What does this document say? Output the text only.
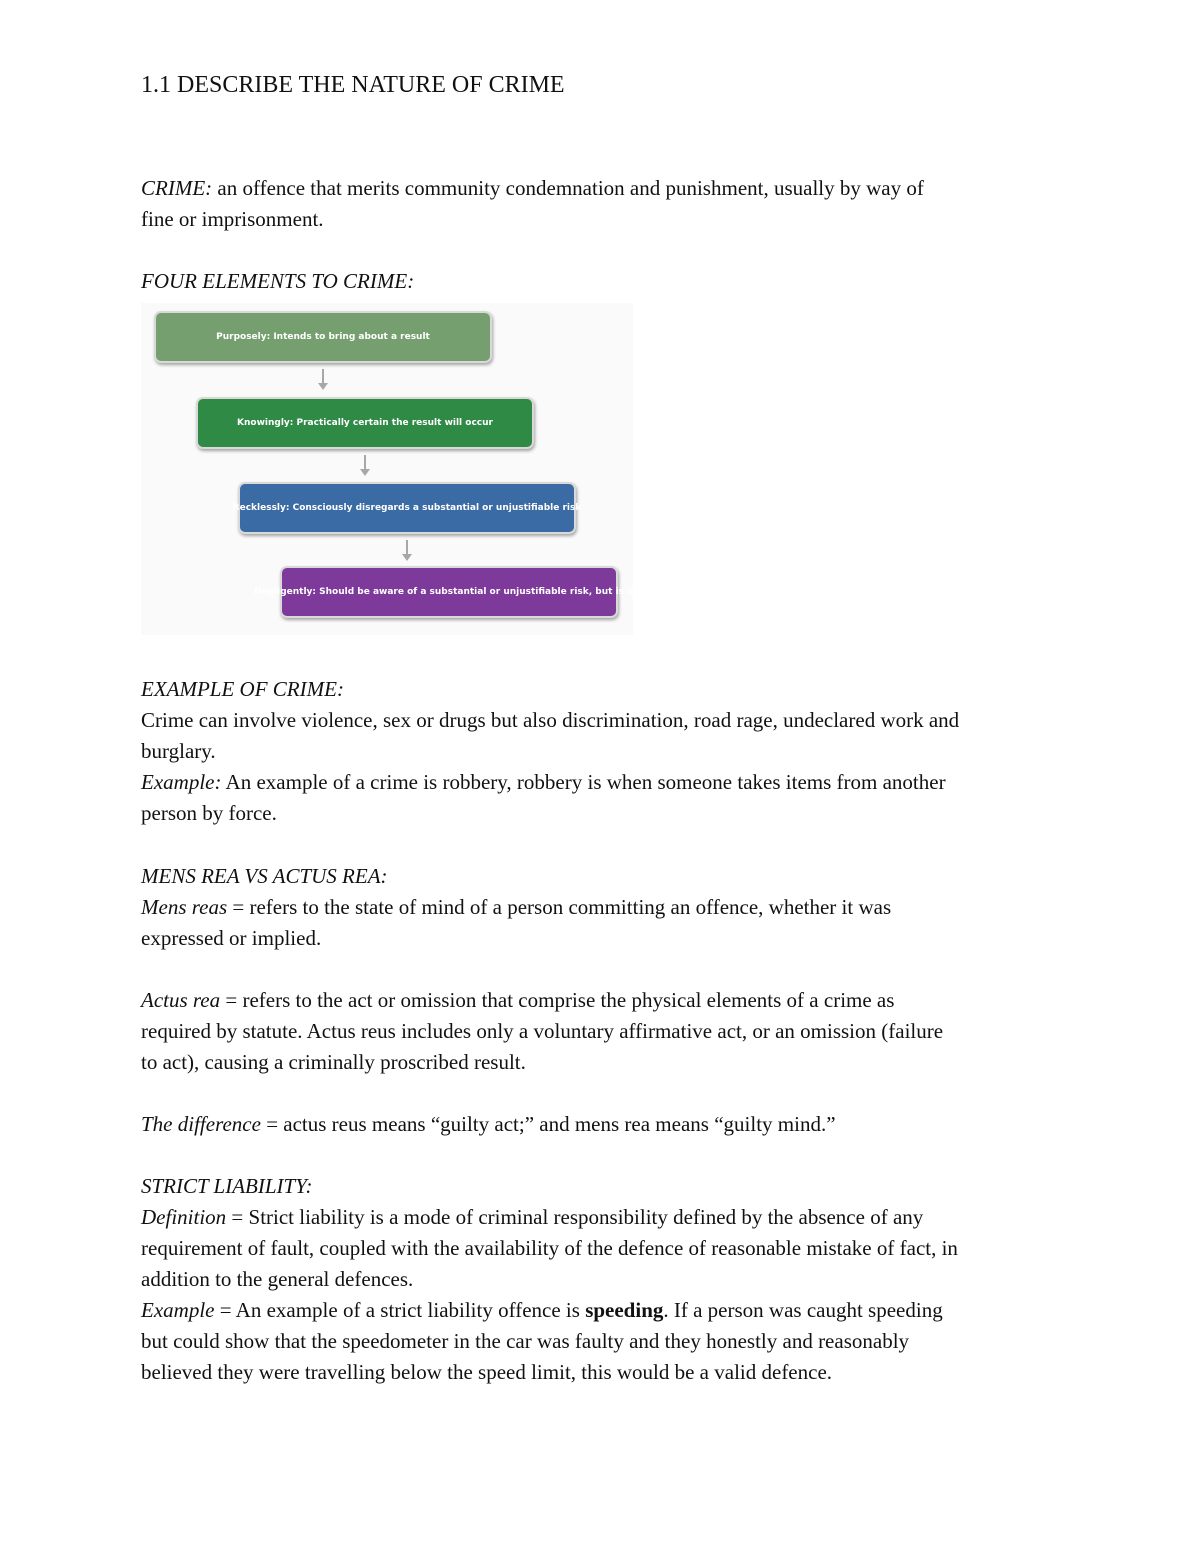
1.1 DESCRIBE THE NATURE OF CRIME
CRIME: an offence that merits community condemnation and punishment, usually by way of
fine or imprisonment.
FOUR ELEMENTS TO CRIME:
Purposely: Intends to bring about a result
Knowingly: Practically certain the result will occur
Recklessly: Consciously disregards a substantial or unjustifiable risk
Negligently: Should be aware of a substantial or unjustifiable risk, but is not
EXAMPLE OF CRIME:
Crime can involve violence, sex or drugs but also discrimination, road rage, undeclared work and
burglary.
Example: An example of a crime is robbery, robbery is when someone takes items from another
person by force.
MENS REA VS ACTUS REA:
Mens reas = refers to the state of mind of a person committing an offence, whether it was
expressed or implied.
Actus rea = refers to the act or omission that comprise the physical elements of a crime as
required by statute. Actus reus includes only a voluntary affirmative act, or an omission (failure
to act), causing a criminally proscribed result.
The difference = actus reus means “guilty act;” and mens rea means “guilty mind.”
STRICT LIABILITY:
Definition = Strict liability is a mode of criminal responsibility defined by the absence of any
requirement of fault, coupled with the availability of the defence of reasonable mistake of fact, in
addition to the general defences.
Example = An example of a strict liability offence is speeding. If a person was caught speeding
but could show that the speedometer in the car was faulty and they honestly and reasonably
believed they were travelling below the speed limit, this would be a valid defence.
